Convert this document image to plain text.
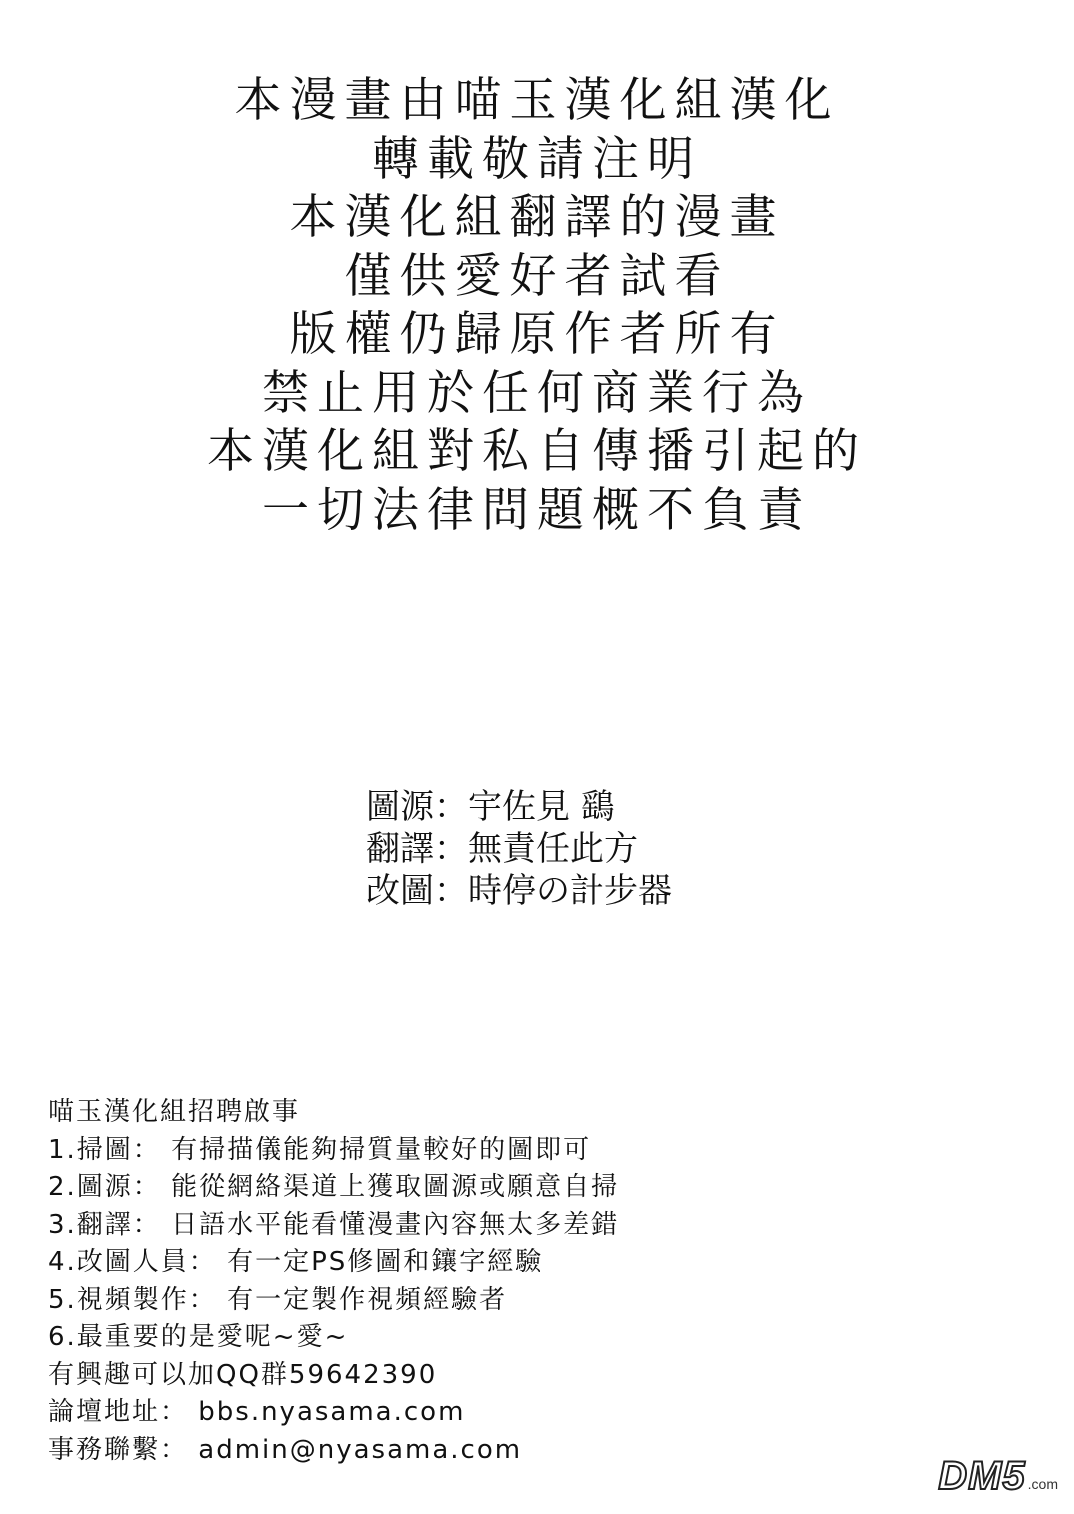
本漫畫由喵玉漢化組漢化
轉載敬請注明
本漢化組翻譯的漫畫
僅供愛好者試看
版權仍歸原作者所有
禁止用於任何商業行為
本漢化組對私自傳播引起的
一切法律問題概不負責
圖源：宇佐見 鷂
翻譯：無責任此方
改圖：時停の計步器
喵玉漢化組招聘啟事
1.掃圖： 有掃描儀能夠掃質量較好的圖即可
2.圖源： 能從網絡渠道上獲取圖源或願意自掃
3.翻譯： 日語水平能看懂漫畫內容無太多差錯
4.改圖人員： 有一定PS修圖和鑲字經驗
5.視頻製作： 有一定製作視頻經驗者
6.最重要的是愛呢~愛~
有興趣可以加QQ群59642390
論壇地址： bbs.nyasama.com
事務聯繫： admin@nyasama.com
DM5 .com
